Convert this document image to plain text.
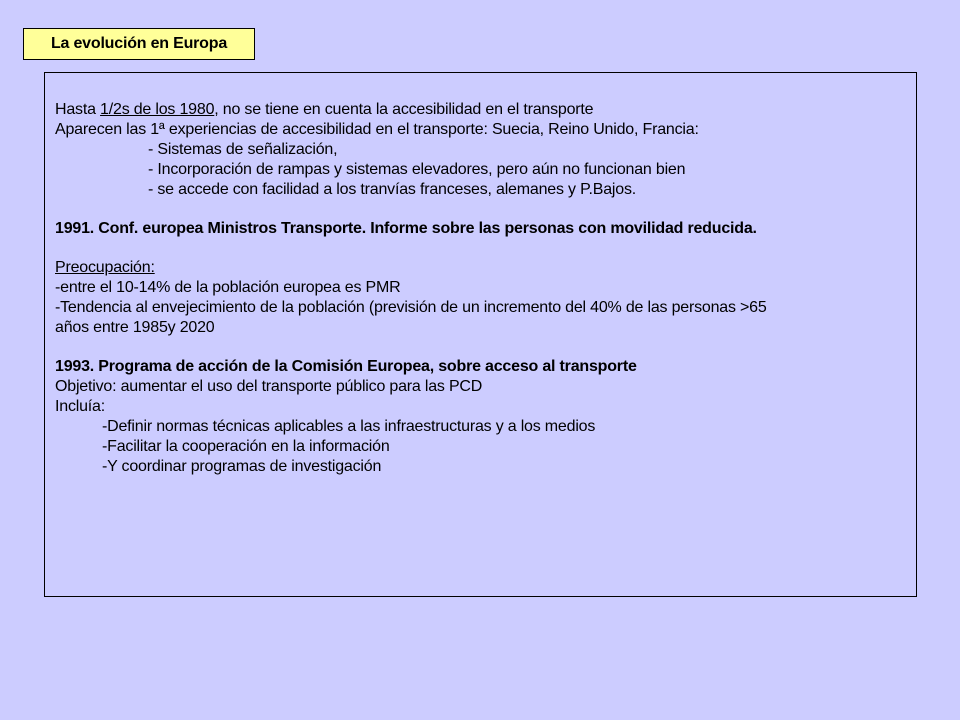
La evolución en Europa
Hasta 1/2s de los 1980, no se tiene en cuenta la accesibilidad en el transporte
Aparecen las 1ª experiencias de accesibilidad en el transporte: Suecia, Reino Unido, Francia:
- Sistemas de señalización,
- Incorporación de rampas y sistemas elevadores, pero aún no funcionan bien
- se accede con facilidad a los tranvías franceses, alemanes y P.Bajos.
1991. Conf. europea Ministros Transporte. Informe sobre las personas con movilidad reducida.
Preocupación:
-entre el 10-14% de la población europea es PMR
-Tendencia al envejecimiento de la población (previsión de un incremento del 40% de las personas >65
años entre 1985y 2020
1993. Programa de acción de la Comisión Europea, sobre acceso al transporte
Objetivo: aumentar el uso del transporte público para las PCD
Incluía:
-Definir normas técnicas aplicables a las infraestructuras y a los medios
-Facilitar la cooperación en la información
-Y coordinar programas de investigación
